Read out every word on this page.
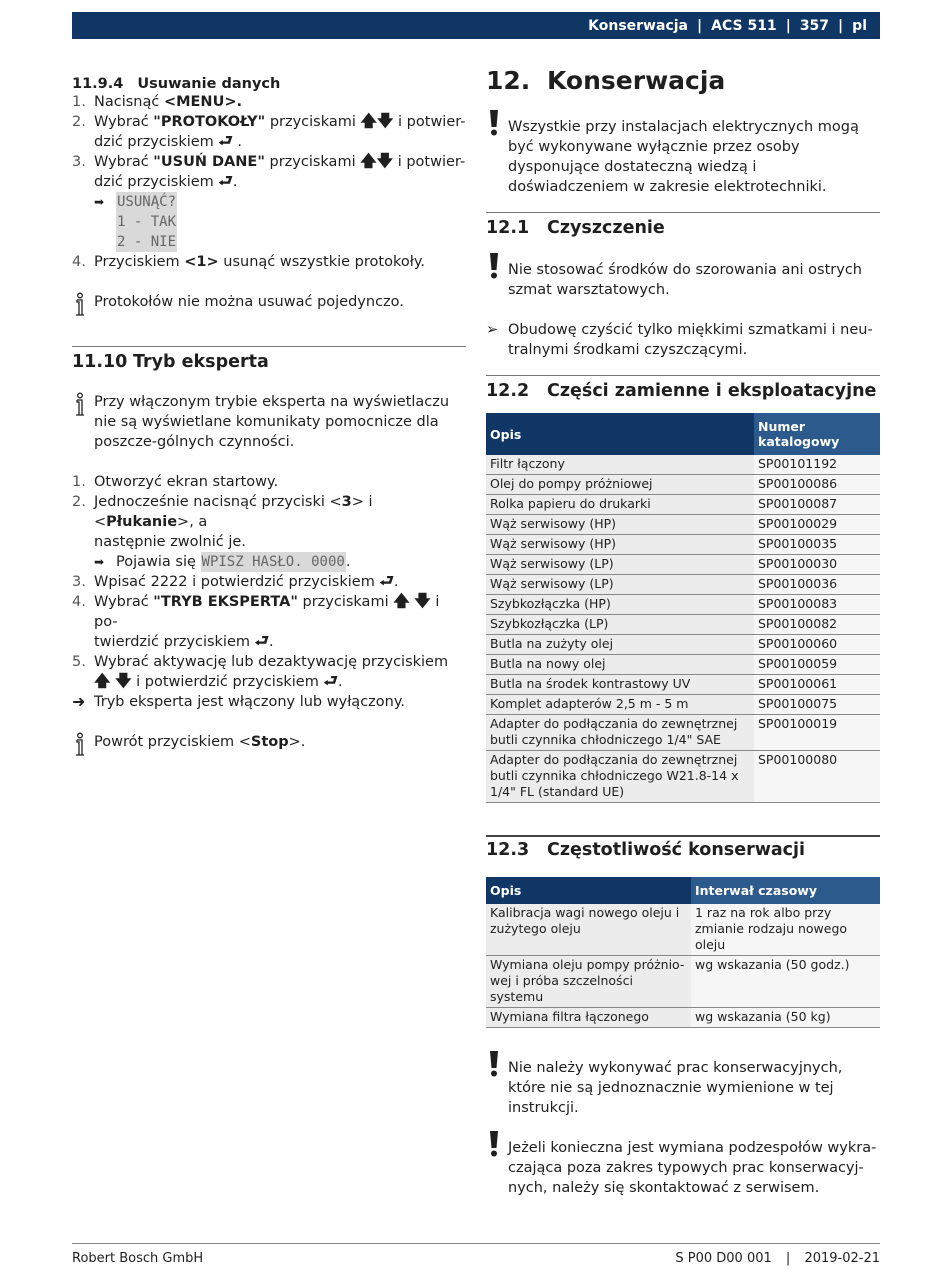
Konserwacja | ACS 511 | 357 | pl
11.9.4 Usuwanie danych
1. Nacisnąć <MENU>.
2. Wybrać "PROTOKOŁY" przyciskami 🡅🡇 i potwier-
dzić przyciskiem ⮐ .
3. Wybrać "USUŃ DANE" przyciskami 🡅🡇 i potwier-
dzić przyciskiem ⮐.
➡ USUNĄĆ?
1 - TAK
2 - NIE
4. Przyciskiem <1> usunąć wszystkie protokoły.
Protokołów nie można usuwać pojedynczo.
11.10 Tryb eksperta
Przy włączonym trybie eksperta na wyświetlaczu nie są wyświetlane komunikaty pomocnicze dla poszcze-gólnych czynności.
1. Otworzyć ekran startowy.
2. Jednocześnie nacisnąć przyciski <3> i <Płukanie>, a
następnie zwolnić je.
➡ Pojawia się WPISZ HASŁO. 0000.
3. Wpisać 2222 i potwierdzić przyciskiem ⮐.
4. Wybrać "TRYB EKSPERTA" przyciskami 🡅 🡇 i po-
twierdzić przyciskiem ⮐.
5. Wybrać aktywację lub dezaktywację przyciskiem
🡅 🡇 i potwierdzić przyciskiem ⮐.
➜ Tryb eksperta jest włączony lub wyłączony.
Powrót przyciskiem <Stop>.
12. Konserwacja
Wszystkie przy instalacjach elektrycznych mogą być wykonywane wyłącznie przez osoby dysponujące dostateczną wiedzą i doświadczeniem w zakresie elektrotechniki.
12.1	Czyszczenie
Nie stosować środków do szorowania ani ostrych szmat warsztatowych.
➢ Obudowę czyścić tylko miękkimi szmatkami i neu-tralnymi środkami czyszczącymi.
12.2	Części zamienne i eksploatacyjne
Opis	Numer katalogowy
Filtr łączony	SP00101192
Olej do pompy próżniowej	SP00100086
Rolka papieru do drukarki	SP00100087
Wąż serwisowy (HP)	SP00100029
Wąż serwisowy (HP)	SP00100035
Wąż serwisowy (LP)	SP00100030
Wąż serwisowy (LP)	SP00100036
Szybkozłączka (HP)	SP00100083
Szybkozłączka (LP)	SP00100082
Butla na zużyty olej	SP00100060
Butla na nowy olej	SP00100059
Butla na środek kontrastowy UV	SP00100061
Komplet adapterów 2,5 m - 5 m	SP00100075
Adapter do podłączania do zewnętrznej butli czynnika chłodniczego 1/4" SAE	SP00100019
Adapter do podłączania do zewnętrznej butli czynnika chłodniczego W21.8-14 x 1/4" FL (standard UE)	SP00100080
12.3	Częstotliwość konserwacji
Opis	Interwał czasowy
Kalibracja wagi nowego oleju i zużytego oleju	1 raz na rok albo przy zmianie rodzaju nowego oleju
Wymiana oleju pompy próżnio-wej i próba szczelności systemu	wg wskazania (50 godz.)
Wymiana filtra łączonego	wg wskazania (50 kg)
Nie należy wykonywać prac konserwacyjnych, które nie są jednoznacznie wymienione w tej instrukcji.
Jeżeli konieczna jest wymiana podzespołów wykra-czająca poza zakres typowych prac konserwacyj-nych, należy się skontaktować z serwisem.
Robert Bosch GmbH	S P00 D00 001 | 2019-02-21
